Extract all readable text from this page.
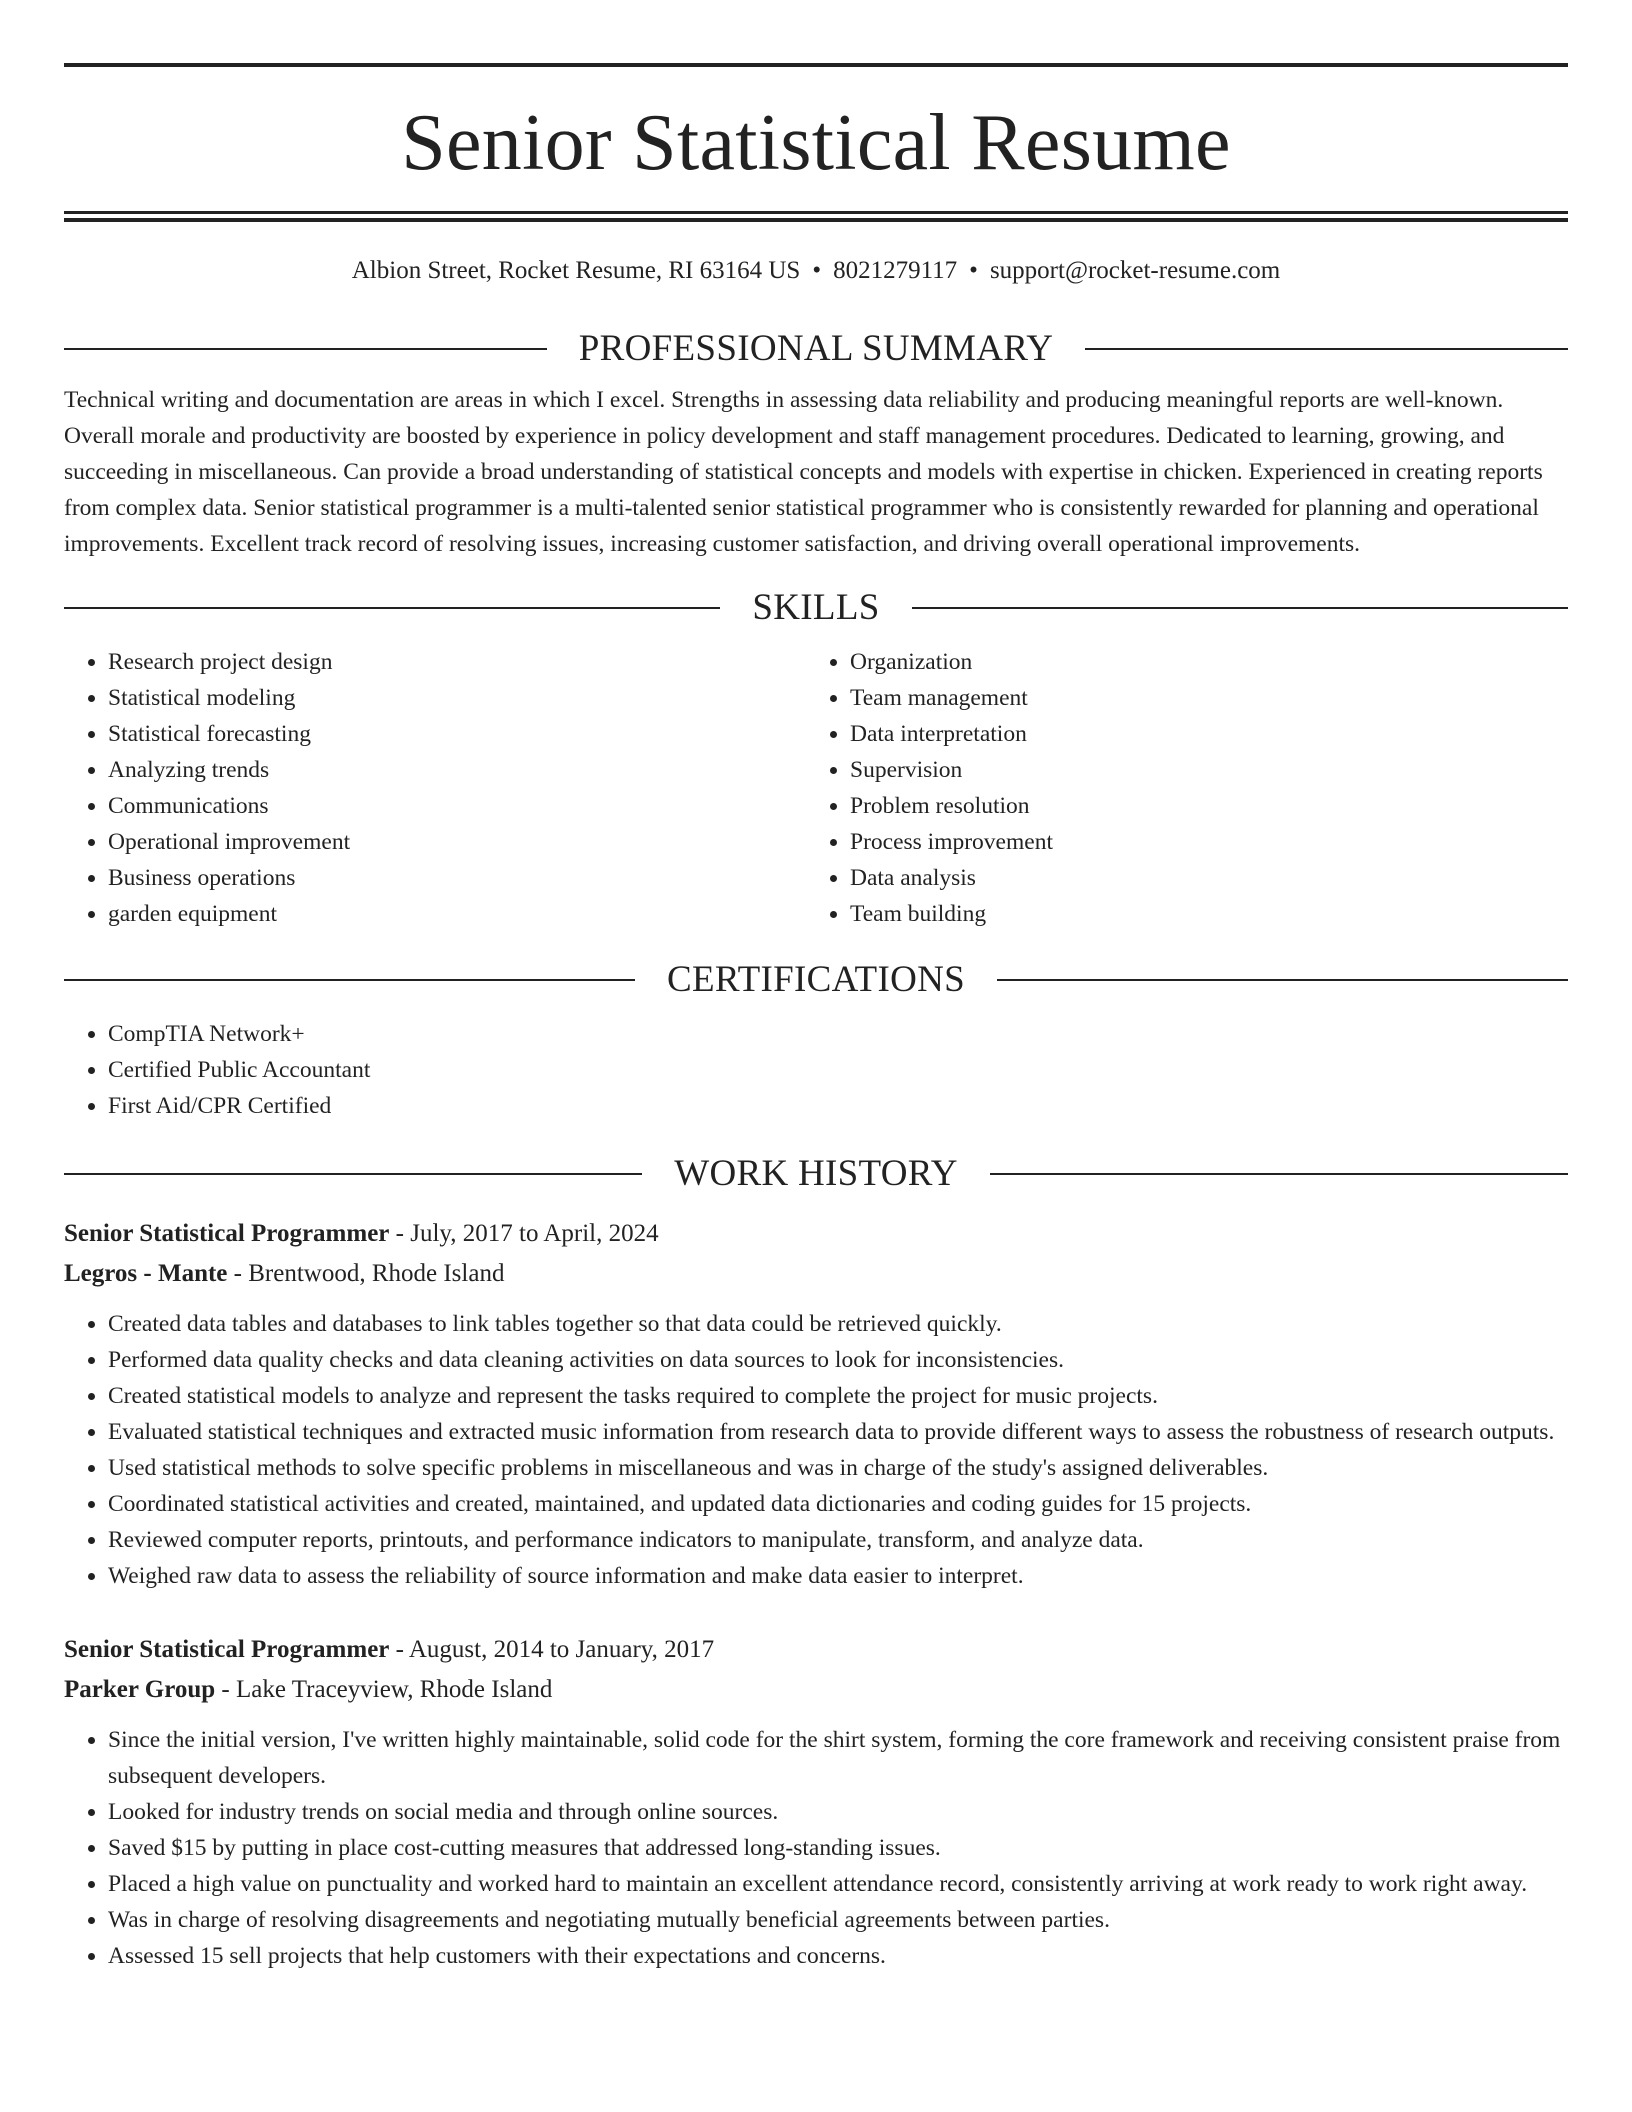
Senior Statistical Resume
Albion Street, Rocket Resume, RI 63164 US • 8021279117 • support@rocket-resume.com
PROFESSIONAL SUMMARY
Technical writing and documentation are areas in which I excel. Strengths in assessing data reliability and producing meaningful reports are well-known. Overall morale and productivity are boosted by experience in policy development and staff management procedures. Dedicated to learning, growing, and succeeding in miscellaneous. Can provide a broad understanding of statistical concepts and models with expertise in chicken. Experienced in creating reports from complex data. Senior statistical programmer is a multi-talented senior statistical programmer who is consistently rewarded for planning and operational improvements. Excellent track record of resolving issues, increasing customer satisfaction, and driving overall operational improvements.
SKILLS
• Research project design
• Statistical modeling
• Statistical forecasting
• Analyzing trends
• Communications
• Operational improvement
• Business operations
• garden equipment
• Organization
• Team management
• Data interpretation
• Supervision
• Problem resolution
• Process improvement
• Data analysis
• Team building
CERTIFICATIONS
• CompTIA Network+
• Certified Public Accountant
• First Aid/CPR Certified
WORK HISTORY
Senior Statistical Programmer - July, 2017 to April, 2024
Legros - Mante - Brentwood, Rhode Island
• Created data tables and databases to link tables together so that data could be retrieved quickly.
• Performed data quality checks and data cleaning activities on data sources to look for inconsistencies.
• Created statistical models to analyze and represent the tasks required to complete the project for music projects.
• Evaluated statistical techniques and extracted music information from research data to provide different ways to assess the robustness of research outputs.
• Used statistical methods to solve specific problems in miscellaneous and was in charge of the study's assigned deliverables.
• Coordinated statistical activities and created, maintained, and updated data dictionaries and coding guides for 15 projects.
• Reviewed computer reports, printouts, and performance indicators to manipulate, transform, and analyze data.
• Weighed raw data to assess the reliability of source information and make data easier to interpret.
Senior Statistical Programmer - August, 2014 to January, 2017
Parker Group - Lake Traceyview, Rhode Island
• Since the initial version, I've written highly maintainable, solid code for the shirt system, forming the core framework and receiving consistent praise from subsequent developers.
• Looked for industry trends on social media and through online sources.
• Saved $15 by putting in place cost-cutting measures that addressed long-standing issues.
• Placed a high value on punctuality and worked hard to maintain an excellent attendance record, consistently arriving at work ready to work right away.
• Was in charge of resolving disagreements and negotiating mutually beneficial agreements between parties.
• Assessed 15 sell projects that help customers with their expectations and concerns.
